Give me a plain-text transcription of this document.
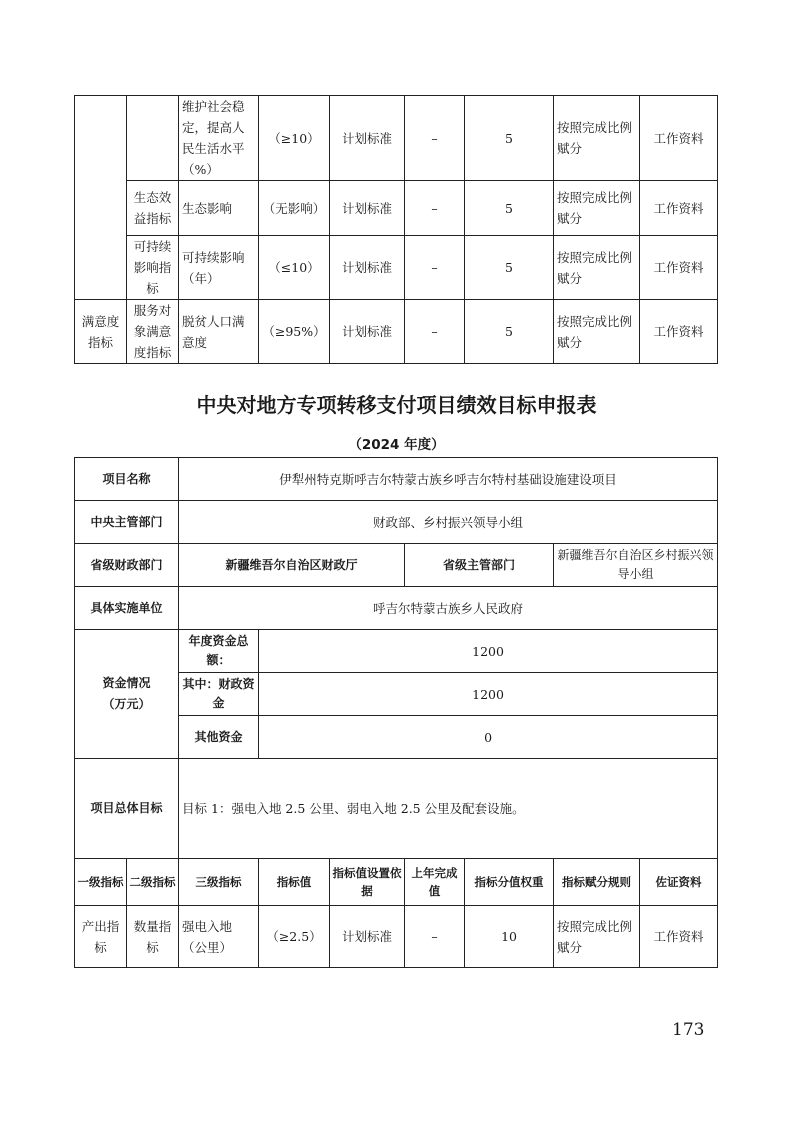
		维护社会稳定，提高人民生活水平（%）	（≥10）	计划标准	–	5	按照完成比例赋分	工作资料
	生态效益指标	生态影响	（无影响）	计划标准	–	5	按照完成比例赋分	工作资料
	可持续影响指标	可持续影响（年）	（≤10）	计划标准	–	5	按照完成比例赋分	工作资料
满意度指标	服务对象满意度指标	脱贫人口满意度	（≥95%）	计划标准	–	5	按照完成比例赋分	工作资料
中央对地方专项转移支付项目绩效目标申报表
（2024 年度）
项目名称		伊犁州特克斯呼吉尔特蒙古族乡呼吉尔特村基础设施建设项目						
中央主管部门		财政部、乡村振兴领导小组						
省级财政部门		新疆维吾尔自治区财政厅			省级主管部门		新疆维吾尔自治区乡村振兴领导小组	
具体实施单位		呼吉尔特蒙古族乡人民政府						

资金情况
（万元）		年度资金总额：	1200					
		其中：财政资金	1200					
		其他资金	0					
项目总体目标		目标 1：强电入地 2.5 公里、弱电入地 2.5 公里及配套设施。						
一级指标	二级指标	三级指标	指标值	指标值设置依据	上年完成值	指标分值权重	指标赋分规则	佐证资料
产出指标	数量指标	强电入地（公里）	（≥2.5）	计划标准	–	10	按照完成比例赋分	工作资料
173
